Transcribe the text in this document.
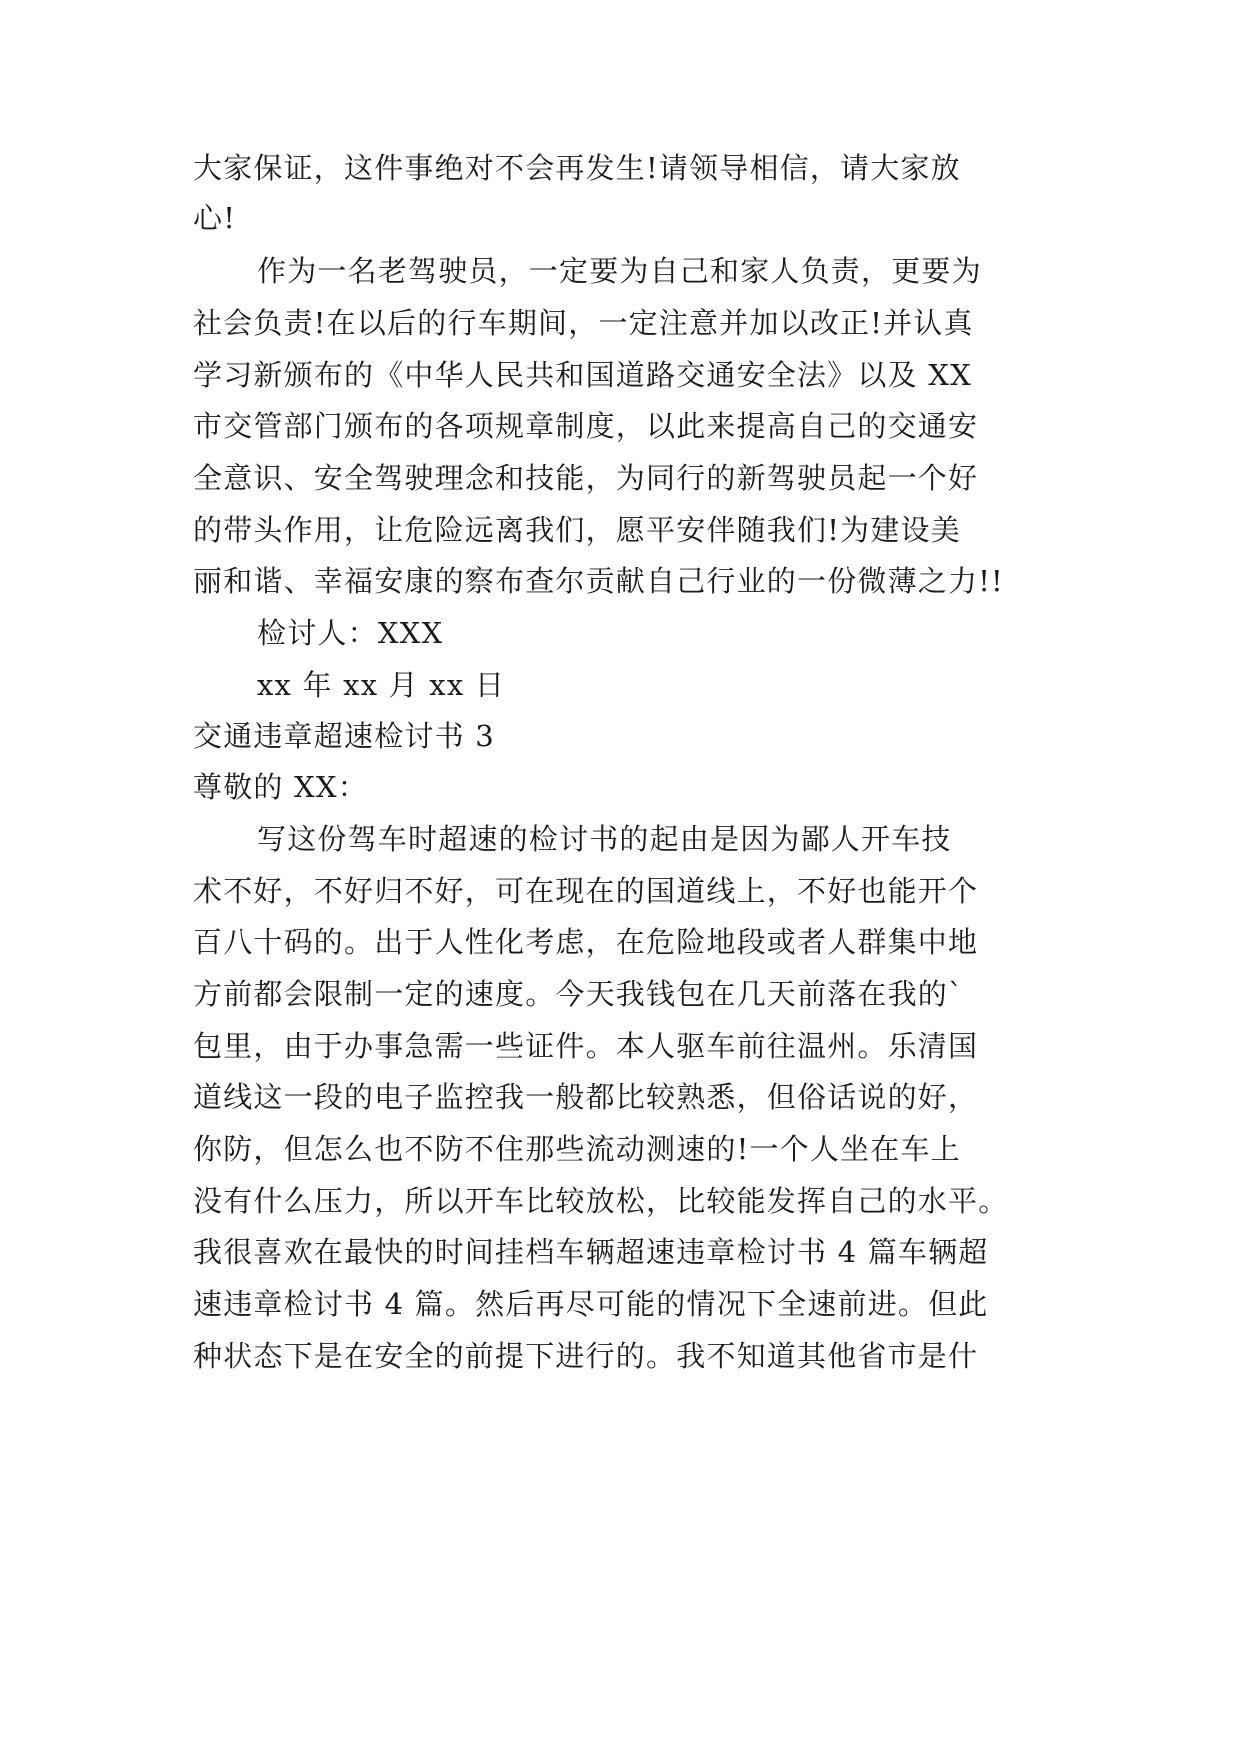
大家保证，这件事绝对不会再发生!请领导相信，请大家放
心!
作为一名老驾驶员，一定要为自己和家人负责，更要为
社会负责!在以后的行车期间，一定注意并加以改正!并认真
学习新颁布的《中华人民共和国道路交通安全法》以及 XX
市交管部门颁布的各项规章制度，以此来提高自己的交通安
全意识、安全驾驶理念和技能，为同行的新驾驶员起一个好
的带头作用，让危险远离我们，愿平安伴随我们!为建设美
丽和谐、幸福安康的察布查尔贡献自己行业的一份微薄之力!!
检讨人：XXX
xx 年 xx 月 xx 日
交通违章超速检讨书 3
尊敬的 XX：
写这份驾车时超速的检讨书的起由是因为鄙人开车技
术不好，不好归不好，可在现在的国道线上，不好也能开个
百八十码的。出于人性化考虑，在危险地段或者人群集中地
方前都会限制一定的速度。今天我钱包在几天前落在我的`
包里，由于办事急需一些证件。本人驱车前往温州。乐清国
道线这一段的电子监控我一般都比较熟悉，但俗话说的好，
你防，但怎么也不防不住那些流动测速的!一个人坐在车上
没有什么压力，所以开车比较放松，比较能发挥自己的水平。
我很喜欢在最快的时间挂档车辆超速违章检讨书 4 篇车辆超
速违章检讨书 4 篇。然后再尽可能的情况下全速前进。但此
种状态下是在安全的前提下进行的。我不知道其他省市是什
